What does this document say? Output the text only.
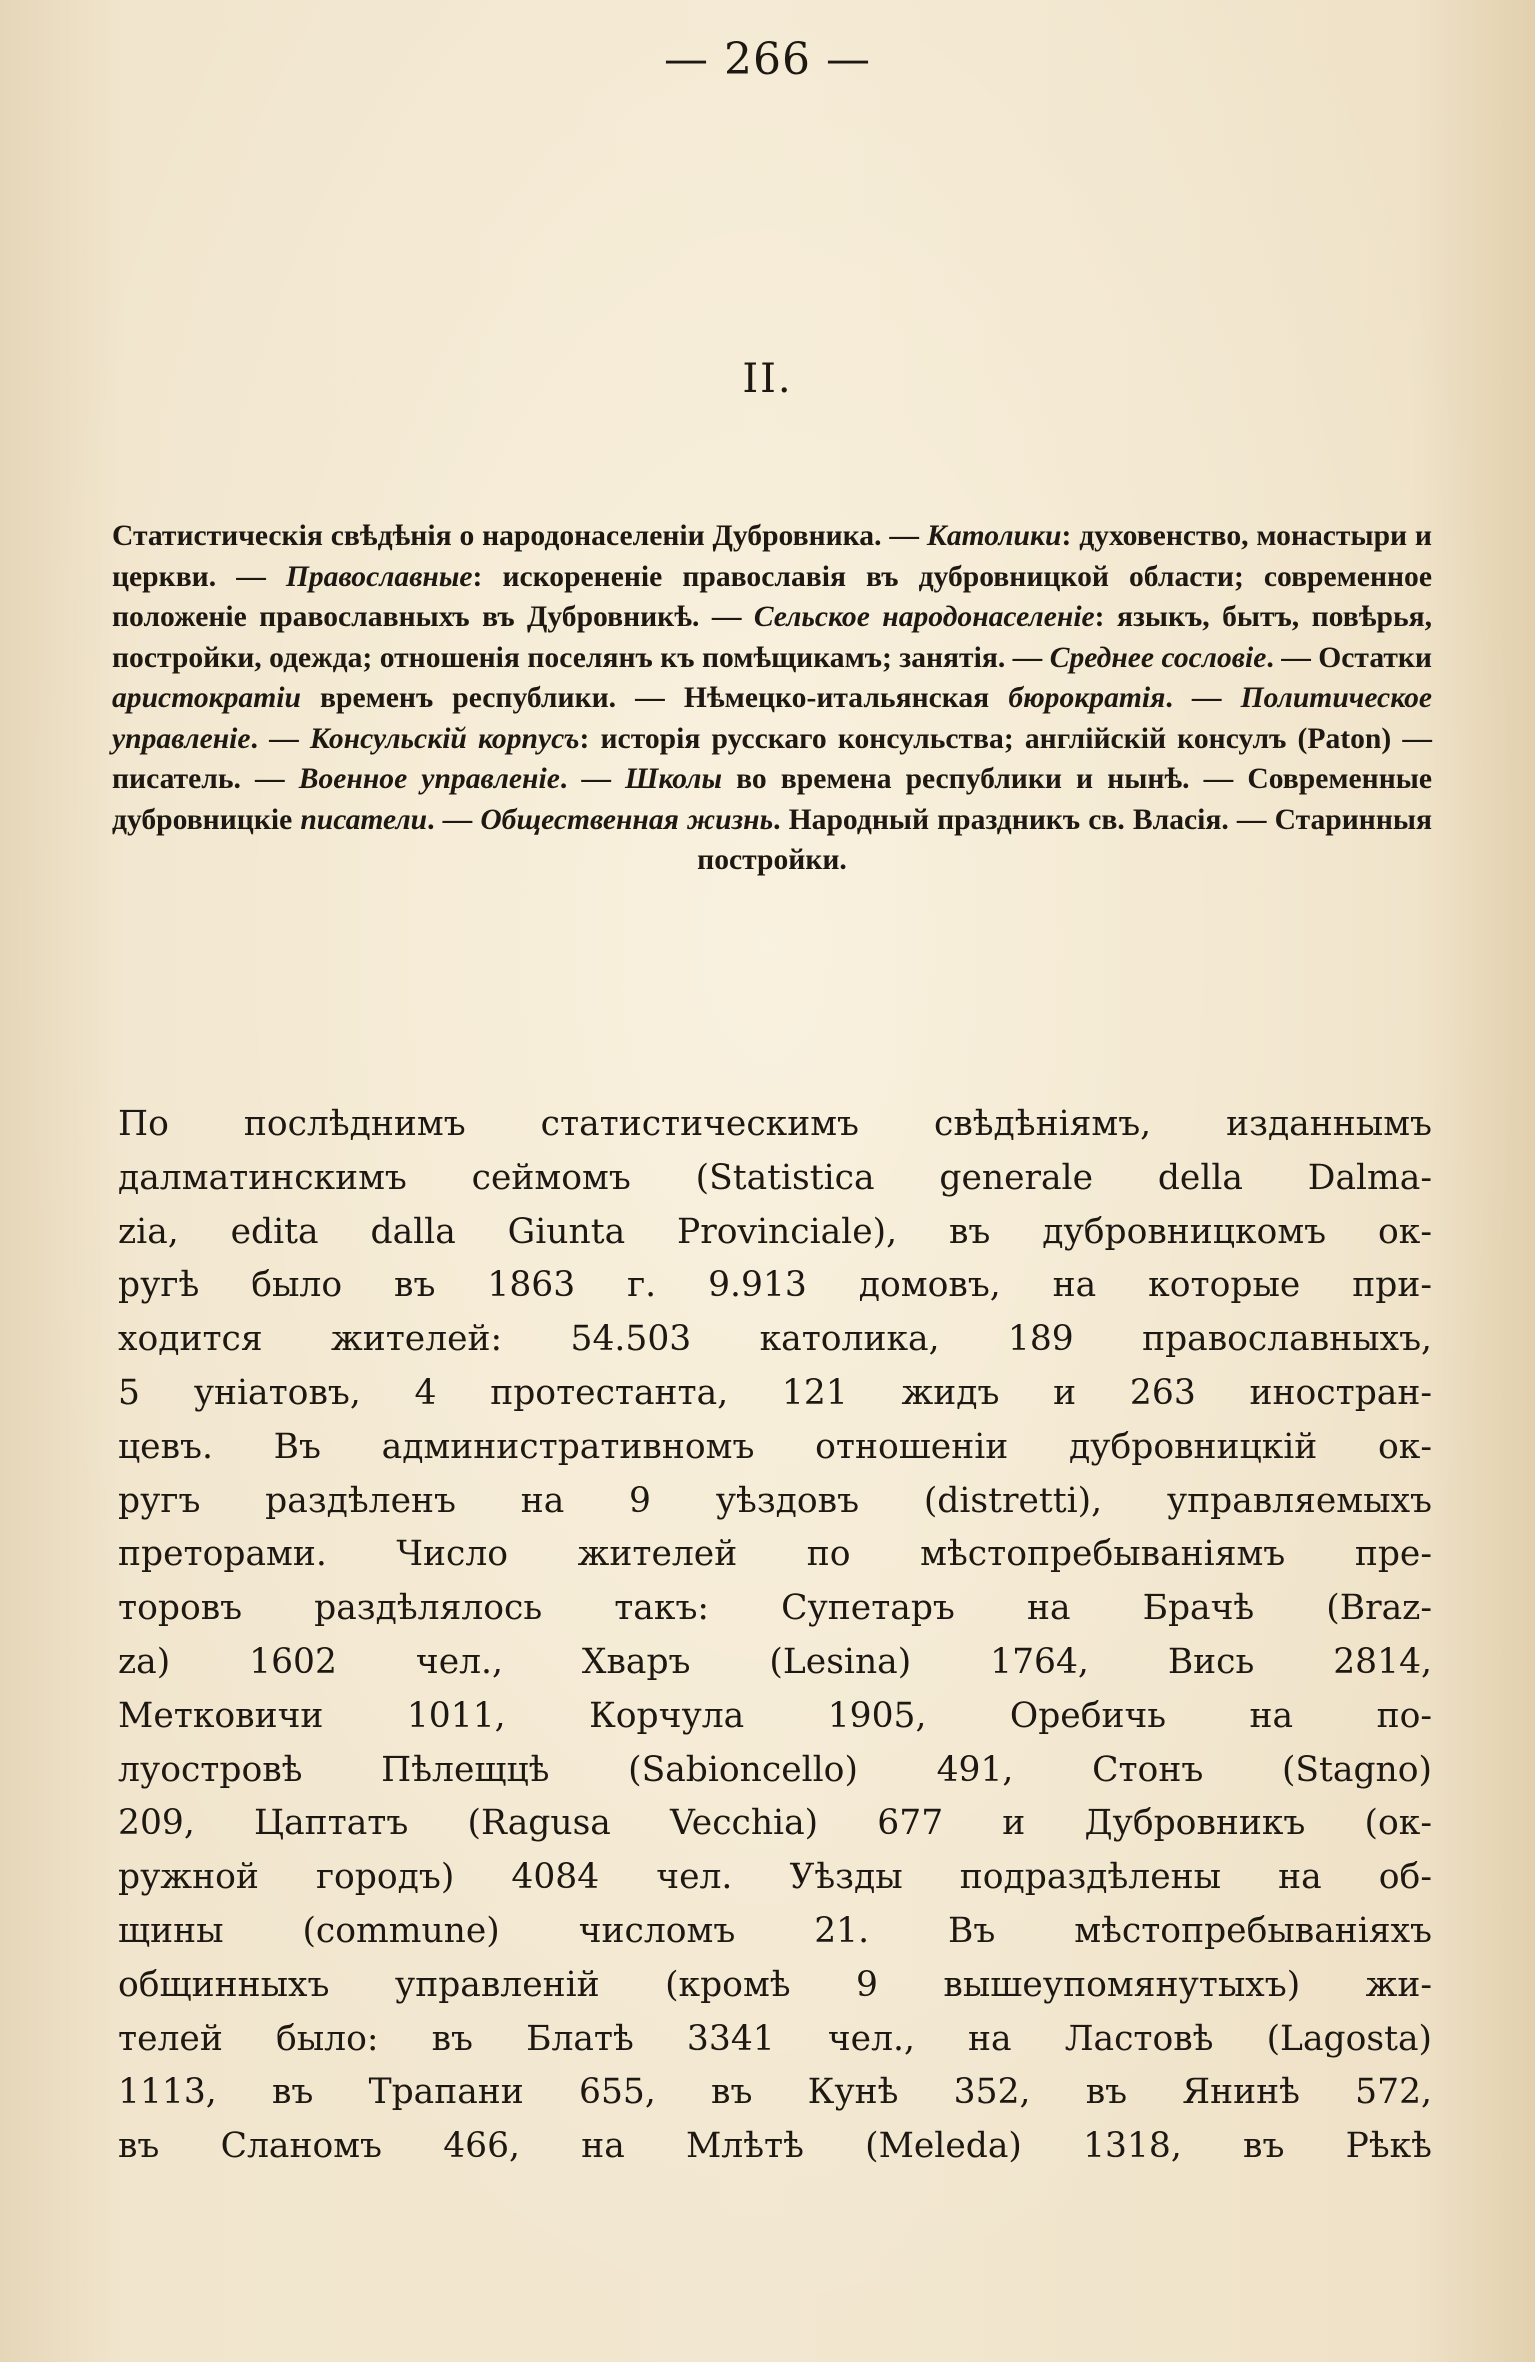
— 266 —
II.
Статистическія свѣдѣнія о народонаселеніи Дубровника. — Католики: духовенство, монастыри и церкви. — Православные: искорененіе православія въ дубровницкой области; современное положеніе православныхъ въ Дубровникѣ. — Сельское народонаселеніе: языкъ, бытъ, повѣрья, постройки, одежда; отношенія поселянъ къ помѣщикамъ; занятія. — Среднее сословіе. — Остатки аристократіи временъ республики. — Нѣмецко-итальянская бюрократія. — Политическое управленіе. — Консульскій корпусъ: исторія русскаго консульства; англійскій консулъ (Paton) — писатель. — Военное управленіе. — Школы во времена республики и нынѣ. — Современные дубровницкіе писатели. — Общественная жизнь. Народный праздникъ св. Власія. — Старинныя постройки.
По послѣднимъ статистическимъ свѣдѣніямъ, изданнымъ
далматинскимъ сеймомъ (Statistica generale della Dalma-
zia, edita dalla Giunta Provinciale), въ дубровницкомъ ок-
ругѣ было въ 1863 г. 9.913 домовъ, на которые при-
ходится жителей: 54.503 католика, 189 православныхъ,
5 уніатовъ, 4 протестанта, 121 жидъ и 263 иностран-
цевъ. Въ административномъ отношеніи дубровницкій ок-
ругъ раздѣленъ на 9 уѣздовъ (distretti), управляемыхъ
преторами. Число жителей по мѣстопребываніямъ пре-
торовъ раздѣлялось такъ: Супетаръ на Брачѣ (Braz-
za) 1602 чел., Хваръ (Lesina) 1764, Вись 2814,
Метковичи 1011, Корчула 1905, Оребичь на по-
луостровѣ Пѣлещцѣ (Sabioncello) 491, Стонъ (Stagno)
209, Цаптатъ (Ragusa Vecchia) 677 и Дубровникъ (ок-
ружной городъ) 4084 чел. Уѣзды подраздѣлены на об-
щины (commune) числомъ 21. Въ мѣстопребываніяхъ
общинныхъ управленій (кромѣ 9 вышеупомянутыхъ) жи-
телей было: въ Блатѣ 3341 чел., на Ластовѣ (Lagosta)
1113, въ Трапани 655, въ Кунѣ 352, въ Янинѣ 572,
въ Сланомъ 466, на Млѣтѣ (Meleda) 1318, въ Рѣкѣ
